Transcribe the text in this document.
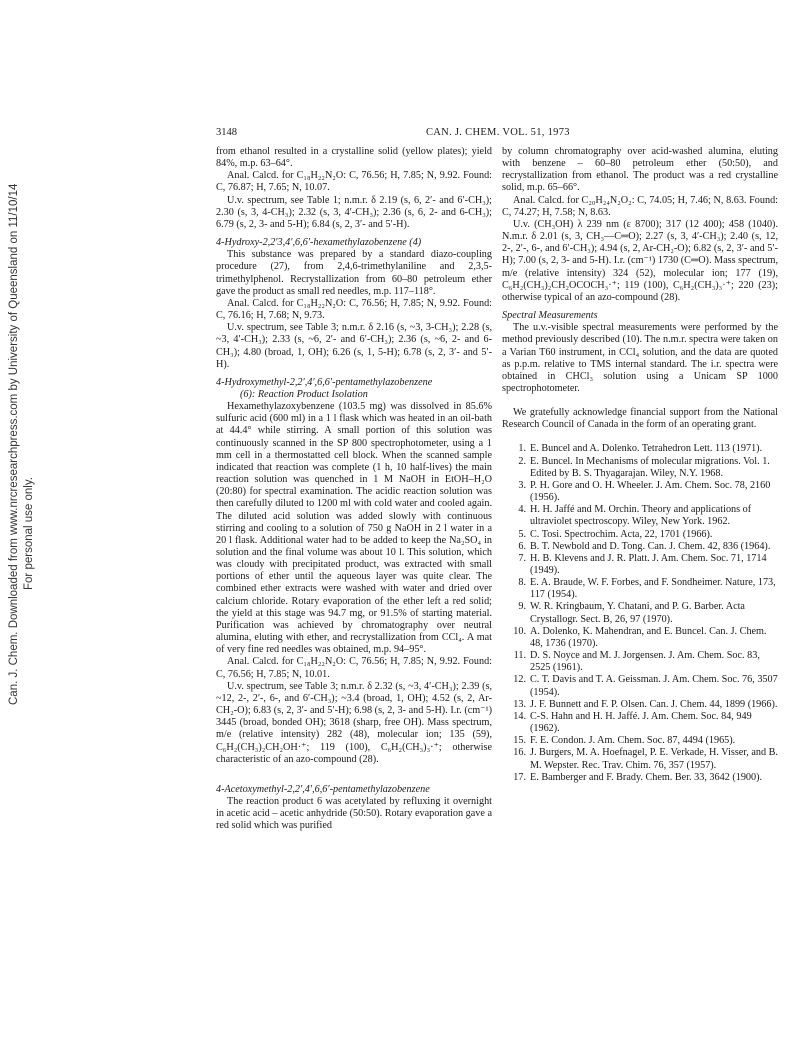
Can. J. Chem. Downloaded from www.nrcresearchpress.com by University of Queensland on 11/10/14 For personal use only.
3148	CAN. J. CHEM. VOL. 51, 1973

from ethanol resulted in a crystalline solid (yellow plates); yield 84%, m.p. 63–64°.

Anal. Calcd. for C₁₈H₂₂N₂O: C, 76.56; H, 7.85; N, 9.92. Found: C, 76.87; H, 7.65; N, 10.07.

U.v. spectrum, see Table 1; n.m.r. δ 2.19 (s, 6, 2′- and 6′-CH₃); 2.30 (s, 3, 4-CH₃); 2.32 (s, 3, 4′-CH₃); 2.36 (s, 6, 2- and 6-CH₃); 6.79 (s, 2, 3- and 5-H); 6.84 (s, 2, 3′- and 5′-H).

4-Hydroxy-2,2′3,4′,6,6′-hexamethylazobenzene (4)

This substance was prepared by a standard diazo-coupling procedure (27), from 2,4,6-trimethylaniline and 2,3,5-trimethylphenol. Recrystallization from 60–80 petroleum ether gave the product as small red needles, m.p. 117–118°.

Anal. Calcd. for C₁₈H₂₂N₂O: C, 76.56; H, 7.85; N, 9.92. Found: C, 76.16; H, 7.68; N, 9.73.

U.v. spectrum, see Table 3; n.m.r. δ 2.16 (s, ~3, 3-CH₃); 2.28 (s, ~3, 4′-CH₃); 2.33 (s, ~6, 2′- and 6′-CH₃); 2.36 (s, ~6, 2- and 6-CH₃); 4.80 (broad, 1, OH); 6.26 (s, 1, 5-H); 6.78 (s, 2, 3′- and 5′-H).

4-Hydroxymethyl-2,2′,4′,6,6′-pentamethylazobenzene
(6): Reaction Product Isolation

Hexamethylazoxybenzene (103.5 mg) was dissolved in 85.6% sulfuric acid (600 ml) in a 1 l flask which was heated in an oil-bath at 44.4° while stirring. A small portion of this solution was continuously scanned in the SP 800 spectrophotometer, using a 1 mm cell in a thermostatted cell block. When the scanned sample indicated that reaction was complete (1 h, 10 half-lives) the main reaction solution was quenched in 1 M NaOH in EtOH–H₂O (20:80) for spectral examination. The acidic reaction solution was then carefully diluted to 1200 ml with cold water and cooled again. The diluted acid solution was added slowly with continuous stirring and cooling to a solution of 750 g NaOH in 2 l water in a 20 l flask. Additional water had to be added to keep the Na₂SO₄ in solution and the final volume was about 10 l. This solution, which was cloudy with precipitated product, was extracted with small portions of ether until the aqueous layer was quite clear. The combined ether extracts were washed with water and dried over calcium chloride. Rotary evaporation of the ether left a red solid; the yield at this stage was 94.7 mg, or 91.5% of starting material. Purification was achieved by chromatography over neutral alumina, eluting with ether, and recrystallization from CCl₄. A mat of very fine red needles was obtained, m.p. 94–95°.

Anal. Calcd. for C₁₈H₂₂N₂O: C, 76.56; H, 7.85; N, 9.92. Found: C, 76.56; H, 7.85; N, 10.01.

U.v. spectrum, see Table 3; n.m.r. δ 2.32 (s, ~3, 4′-CH₃); 2.39 (s, ~12, 2-, 2′-, 6-, and 6′-CH₃); ~3.4 (broad, 1, OH); 4.52 (s, 2, Ar-CH₂-O); 6.83 (s, 2, 3′- and 5′-H); 6.98 (s, 2, 3- and 5-H). I.r. (cm⁻¹) 3445 (broad, bonded OH); 3618 (sharp, free OH). Mass spectrum, m/e (relative intensity) 282 (48), molecular ion; 135 (59), C₆H₂(CH₃)₂CH₂OH·⁺; 119 (100), C₆H₂(CH₃)₃·⁺; otherwise characteristic of an azo-compound (28).

4-Acetoxymethyl-2,2′,4′,6,6′-pentamethylazobenzene

The reaction product 6 was acetylated by refluxing it overnight in acetic acid – acetic anhydride (50:50). Rotary evaporation gave a red solid which was purified

by column chromatography over acid-washed alumina, eluting with benzene – 60–80 petroleum ether (50:50), and recrystallization from ethanol. The product was a red crystalline solid, m.p. 65–66°.

Anal. Calcd. for C₂₀H₂₄N₂O₂: C, 74.05; H, 7.46; N, 8.63. Found: C, 74.27; H, 7.58; N, 8.63.

U.v. (CH₃OH) λ 239 nm (ε 8700); 317 (12 400); 458 (1040). N.m.r. δ 2.01 (s, 3, CH₃—C═O); 2.27 (s, 3, 4′-CH₃); 2.40 (s, 12, 2-, 2′-, 6-, and 6′-CH₃); 4.94 (s, 2, Ar-CH₂-O); 6.82 (s, 2, 3′- and 5′-H); 7.00 (s, 2, 3- and 5-H). I.r. (cm⁻¹) 1730 (C═O). Mass spectrum, m/e (relative intensity) 324 (52), molecular ion; 177 (19), C₆H₂(CH₃)₂CH₂OCOCH₃·⁺; 119 (100), C₆H₂(CH₃)₃·⁺; 220 (23); otherwise typical of an azo-compound (28).

Spectral Measurements

The u.v.-visible spectral measurements were performed by the method previously described (10). The n.m.r. spectra were taken on a Varian T60 instrument, in CCl₄ solution, and the data are quoted as p.p.m. relative to TMS internal standard. The i.r. spectra were obtained in CHCl₃ solution using a Unicam SP 1000 spectrophotometer.

We gratefully acknowledge financial support from the National Research Council of Canada in the form of an operating grant.

1. E. Buncel and A. Dolenko. Tetrahedron Lett. 113 (1971).
2. E. Buncel. In Mechanisms of molecular migrations. Vol. 1. Edited by B. S. Thyagarajan. Wiley, N.Y. 1968.
3. P. H. Gore and O. H. Wheeler. J. Am. Chem. Soc. 78, 2160 (1956).
4. H. H. Jaffé and M. Orchin. Theory and applications of ultraviolet spectroscopy. Wiley, New York. 1962.
5. C. Tosi. Spectrochim. Acta, 22, 1701 (1966).
6. B. T. Newbold and D. Tong. Can. J. Chem. 42, 836 (1964).
7. H. B. Klevens and J. R. Platt. J. Am. Chem. Soc. 71, 1714 (1949).
8. E. A. Braude, W. F. Forbes, and F. Sondheimer. Nature, 173, 117 (1954).
9. W. R. Kringbaum, Y. Chatani, and P. G. Barber. Acta Crystallogr. Sect. B, 26, 97 (1970).
10. A. Dolenko, K. Mahendran, and E. Buncel. Can. J. Chem. 48, 1736 (1970).
11. D. S. Noyce and M. J. Jorgensen. J. Am. Chem. Soc. 83, 2525 (1961).
12. C. T. Davis and T. A. Geissman. J. Am. Chem. Soc. 76, 3507 (1954).
13. J. F. Bunnett and F. P. Olsen. Can. J. Chem. 44, 1899 (1966).
14. C-S. Hahn and H. H. Jaffé. J. Am. Chem. Soc. 84, 949 (1962).
15. F. E. Condon. J. Am. Chem. Soc. 87, 4494 (1965).
16. J. Burgers, M. A. Hoefnagel, P. E. Verkade, H. Visser, and B. M. Wepster. Rec. Trav. Chim. 76, 357 (1957).
17. E. Bamberger and F. Brady. Chem. Ber. 33, 3642 (1900).
